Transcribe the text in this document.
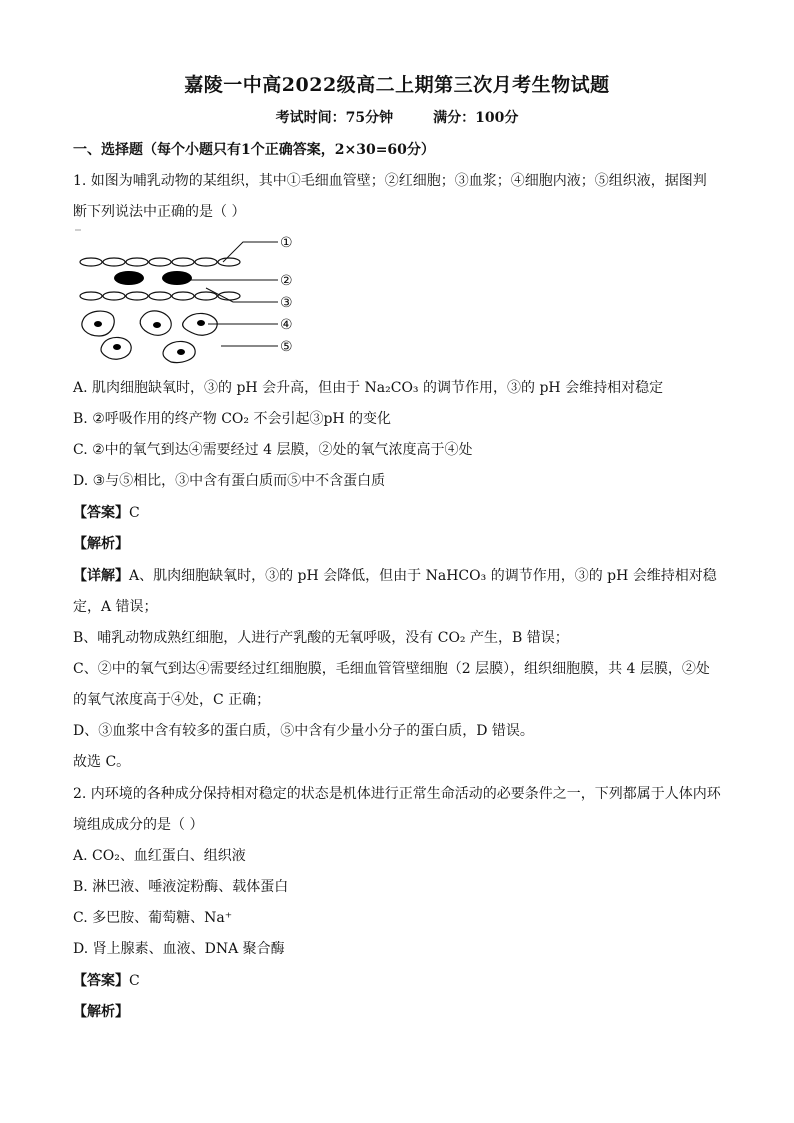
嘉陵一中高2022级高二上期第三次月考生物试题
考试时间：75分钟	满分：100分
一、选择题（每个小题只有1个正确答案，2×30=60分）
1. 如图为哺乳动物的某组织，其中①毛细血管壁；②红细胞；③血浆；④细胞内液；⑤组织液，据图判
断下列说法中正确的是（ ）
①
②
③
④
⑤
A. 肌肉细胞缺氧时，③的 pH 会升高，但由于 Na₂CO₃ 的调节作用，③的 pH 会维持相对稳定
B. ②呼吸作用的终产物 CO₂ 不会引起③pH 的变化
C. ②中的氧气到达④需要经过 4 层膜，②处的氧气浓度高于④处
D. ③与⑤相比，③中含有蛋白质而⑤中不含蛋白质
【答案】C
【解析】
【详解】A、肌肉细胞缺氧时，③的 pH 会降低，但由于 NaHCO₃ 的调节作用，③的 pH 会维持相对稳
定，A 错误；
B、哺乳动物成熟红细胞，人进行产乳酸的无氧呼吸，没有 CO₂ 产生，B 错误；
C、②中的氧气到达④需要经过红细胞膜，毛细血管管壁细胞（2 层膜），组织细胞膜，共 4 层膜，②处
的氧气浓度高于④处，C 正确；
D、③血浆中含有较多的蛋白质，⑤中含有少量小分子的蛋白质，D 错误。
故选 C。
2. 内环境的各种成分保持相对稳定的状态是机体进行正常生命活动的必要条件之一，下列都属于人体内环
境组成成分的是（ ）
A. CO₂、血红蛋白、组织液
B. 淋巴液、唾液淀粉酶、载体蛋白
C. 多巴胺、葡萄糖、Na⁺
D. 肾上腺素、血液、DNA 聚合酶
【答案】C
【解析】
